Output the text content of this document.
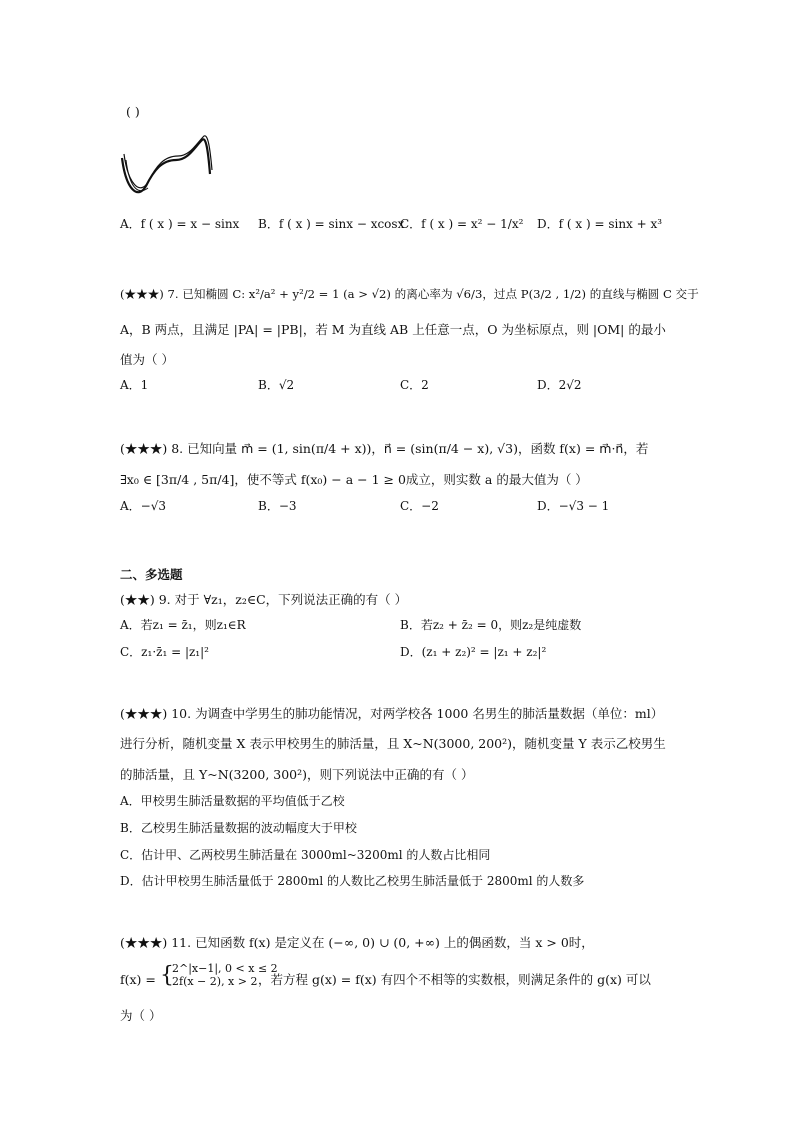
( )
A．f ( x ) = x − sinx B．f ( x ) = sinx − xcosx
C．f ( x ) = x² − 1/x² D．f ( x ) = sinx + x³
(★★★) 7. 已知椭圆 C: x²/a² + y²/2 = 1 (a > √2) 的离心率为 √6/3，过点 P(3/2 , 1/2) 的直线与椭圆 C 交于
A，B 两点，且满足 |PA| = |PB|，若 M 为直线 AB 上任意一点，O 为坐标原点，则 |OM| 的最小
值为（ ）
A．1	B．√2	C．2	D．2√2
(★★★) 8. 已知向量 m⃗ = (1, sin(π/4 + x))，n⃗ = (sin(π/4 − x), √3)，函数 f(x) = m⃗·n⃗，若
∃x₀ ∈ [3π/4 , 5π/4]，使不等式 f(x₀) − a − 1 ≥ 0成立，则实数 a 的最大值为（ ）
A．−√3	B．−3	C．−2	D．−√3 − 1
二、多选题
(★★) 9. 对于 ∀z₁，z₂∈C，下列说法正确的有（ ）
A．若z₁ = z̄₁，则z₁∈R	B．若z₂ + z̄₂ = 0，则z₂是纯虚数
C．z₁·z̄₁ = |z₁|²	D．(z₁ + z₂)² = |z₁ + z₂|²
(★★★) 10. 为调查中学男生的肺功能情况，对两学校各 1000 名男生的肺活量数据（单位：ml）
进行分析，随机变量 X 表示甲校男生的肺活量，且 X~N(3000, 200²)，随机变量 Y 表示乙校男生
的肺活量，且 Y~N(3200, 300²)，则下列说法中正确的有（ ）
A．甲校男生肺活量数据的平均值低于乙校
B．乙校男生肺活量数据的波动幅度大于甲校
C．估计甲、乙两校男生肺活量在 3000ml~3200ml 的人数占比相同
D．估计甲校男生肺活量低于 2800ml 的人数比乙校男生肺活量低于 2800ml 的人数多
(★★★) 11. 已知函数 f(x) 是定义在 (−∞, 0) ∪ (0, +∞) 上的偶函数，当 x > 0时，
f(x) = {
2^|x−1|, 0 < x ≤ 2
2f(x − 2), x > 2 ，若方程 g(x) = f(x) 有四个不相等的实数根，则满足条件的 g(x) 可以
为（ ）
